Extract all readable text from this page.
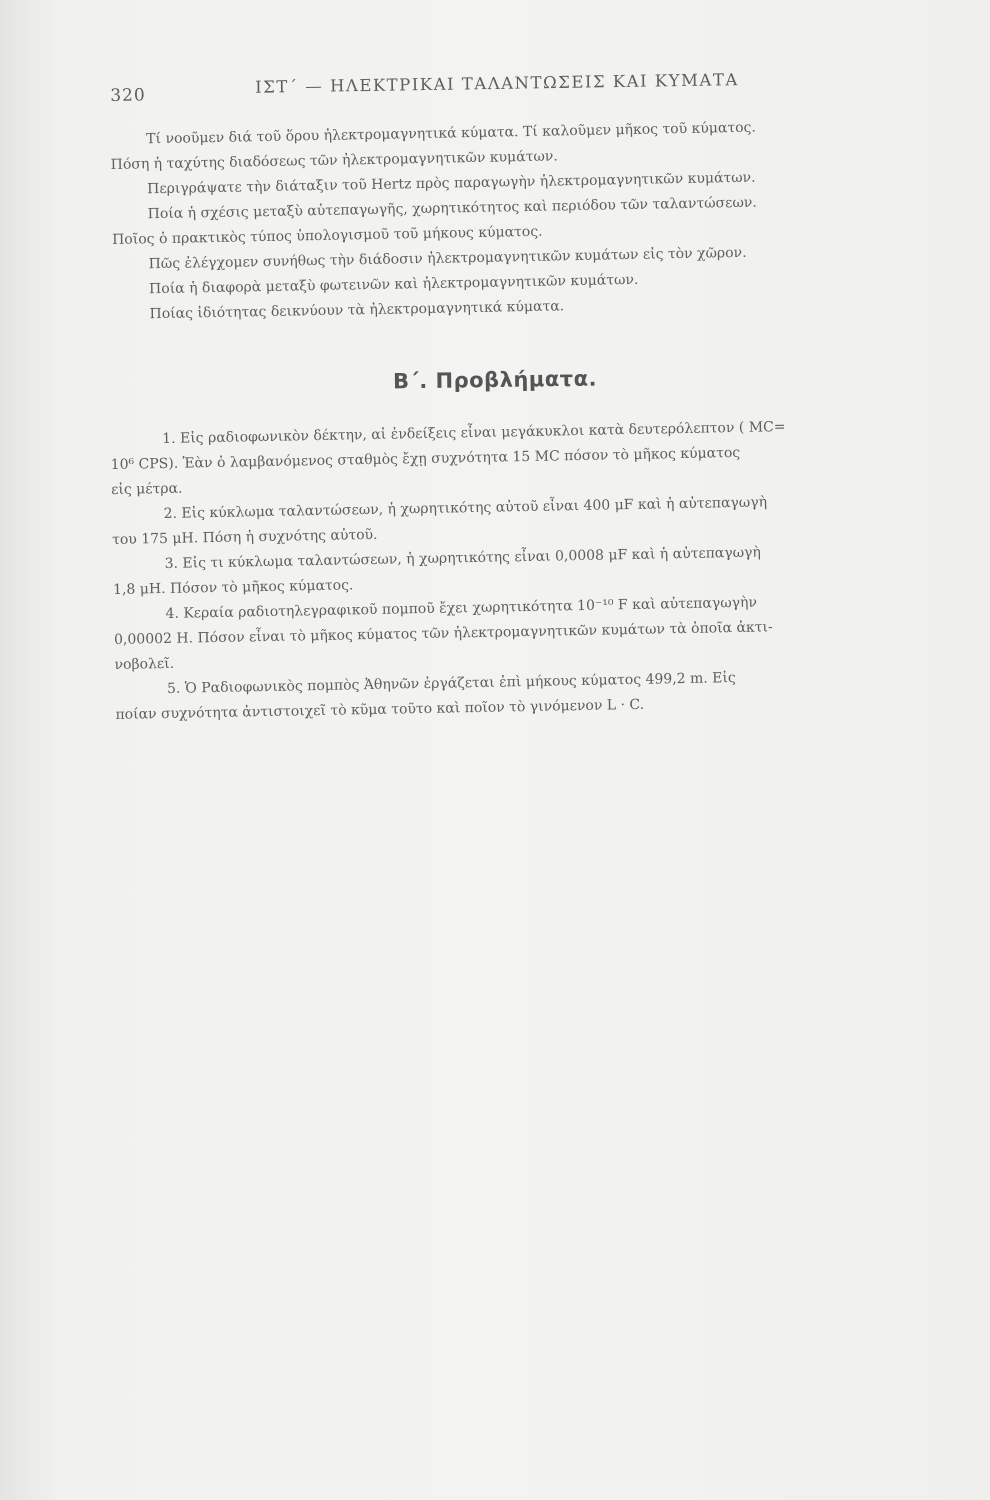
320	ΙΣΤ΄ — ΗΛΕΚΤΡΙΚΑΙ ΤΑΛΑΝΤΩΣΕΙΣ ΚΑΙ ΚΥΜΑΤΑ

Τί νοοῦμεν διά τοῦ ὅρου ἠλεκτρομαγνητικά κύματα. Τί καλοῦμεν μῆκος τοῦ κύματος.

Πόση ἡ ταχύτης διαδόσεως τῶν ἠλεκτρομαγνητικῶν κυμάτων.

Περιγράψατε τὴν διάταξιν τοῦ Hertz πρὸς παραγωγὴν ἠλεκτρομαγνητικῶν κυμάτων.

Ποία ἡ σχέσις μεταξὺ αὐτεπαγωγῆς, χωρητικότητος καὶ περιόδου τῶν ταλαντώσεων.

Ποῖος ὁ πρακτικὸς τύπος ὑπολογισμοῦ τοῦ μήκους κύματος.

Πῶς ἐλέγχομεν συνήθως τὴν διάδοσιν ἠλεκτρομαγνητικῶν κυμάτων εἰς τὸν χῶρον.

Ποία ἡ διαφορὰ μεταξὺ φωτεινῶν καὶ ἠλεκτρομαγνητικῶν κυμάτων.

Ποίας ἰδιότητας δεικνύουν τὰ ἠλεκτρομαγνητικά κύματα.

Β΄. Προβλήματα.

1. Εἰς ραδιοφωνικὸν δέκτην, αἱ ἐνδείξεις εἶναι μεγάκυκλοι κατὰ δευτερόλεπτον ( MC=

10⁶ CPS). Ἐὰν ὁ λαμβανόμενος σταθμὸς ἔχῃ συχνότητα 15 MC πόσον τὸ μῆκος κύματος

εἰς μέτρα.

2. Εἰς κύκλωμα ταλαντώσεων, ἡ χωρητικότης αὐτοῦ εἶναι 400 μF καὶ ἡ αὐτεπαγωγὴ

του 175 μH. Πόση ἡ συχνότης αὐτοῦ.

3. Εἰς τι κύκλωμα ταλαντώσεων, ἡ χωρητικότης εἶναι 0,0008 μF καὶ ἡ αὐτεπαγωγὴ

1,8 μH. Πόσον τὸ μῆκος κύματος.

4. Κεραία ραδιοτηλεγραφικοῦ πομποῦ ἔχει χωρητικότητα 10⁻¹⁰ F καὶ αὐτεπαγωγὴν

0,00002 H. Πόσον εἶναι τὸ μῆκος κύματος τῶν ἠλεκτρομαγνητικῶν κυμάτων τὰ ὁποῖα ἀκτι-

νοβολεῖ.

5. Ὁ Ραδιοφωνικὸς πομπὸς Ἀθηνῶν ἐργάζεται ἐπὶ μήκους κύματος 499,2 m. Εἰς

ποίαν συχνότητα ἀντιστοιχεῖ τὸ κῦμα τοῦτο καὶ ποῖον τὸ γινόμενον L · C.
